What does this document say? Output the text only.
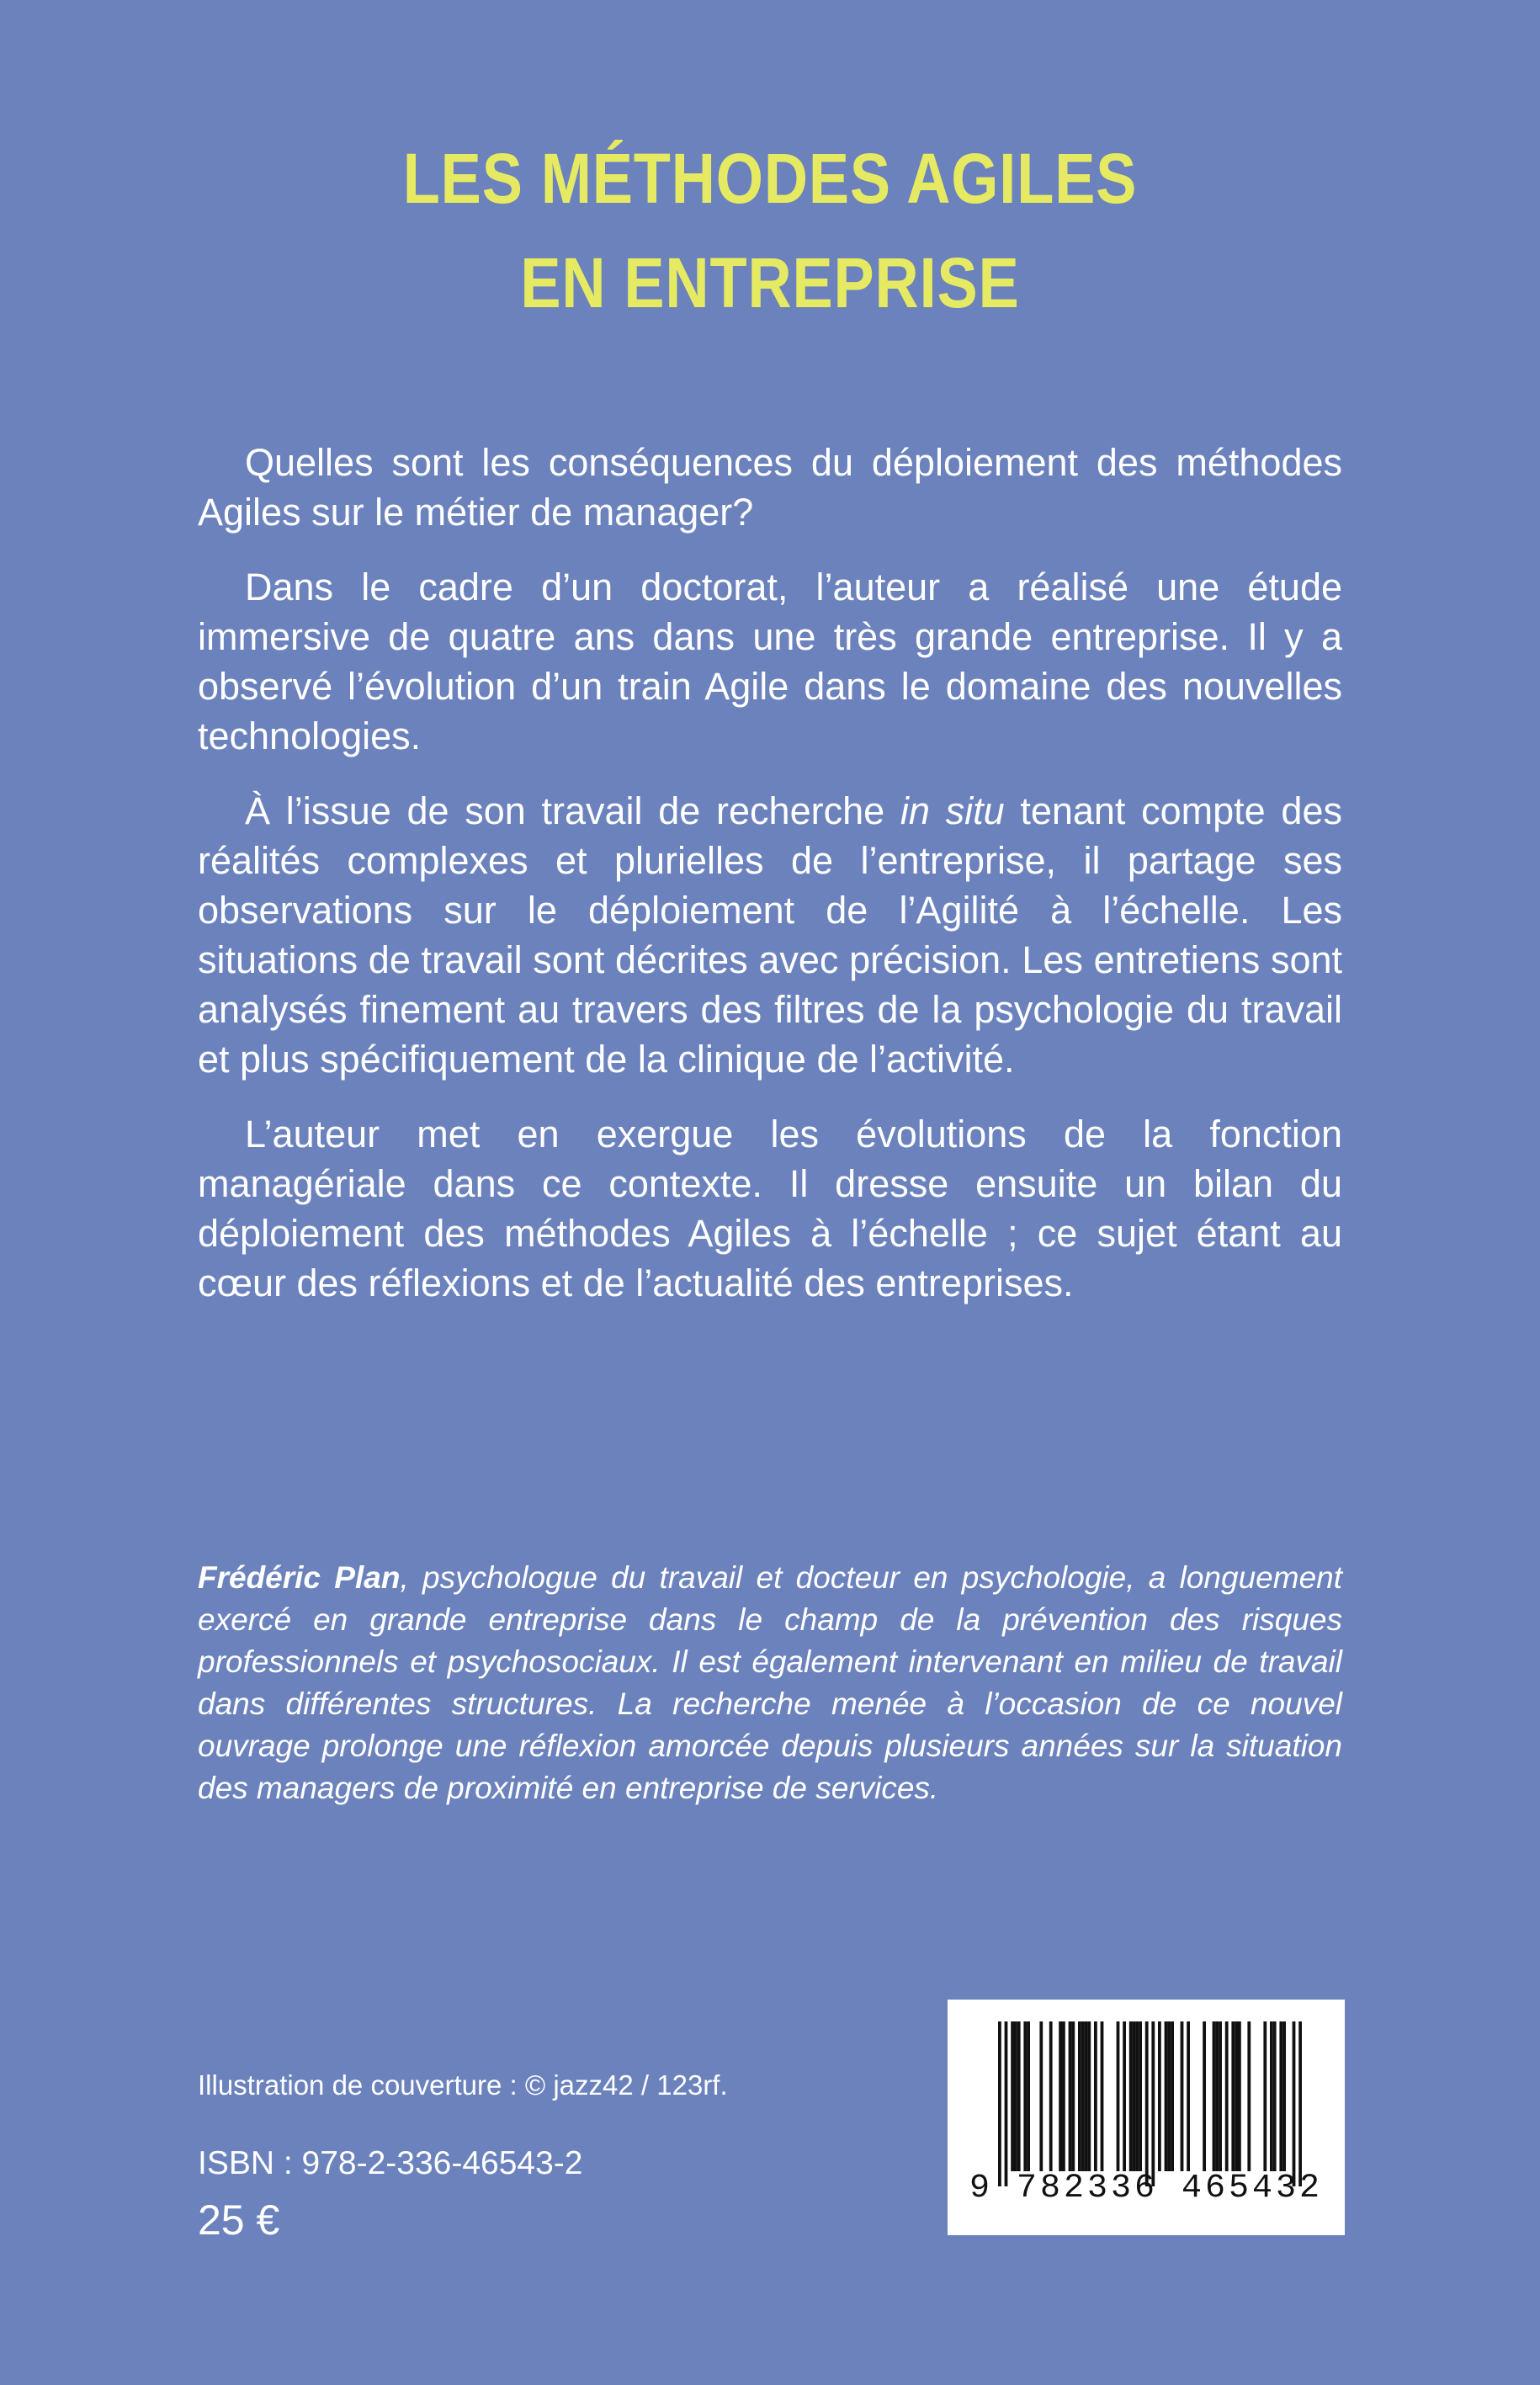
LES MÉTHODES AGILES
EN ENTREPRISE

Quelles sont les conséquences du déploiement des méthodes Agiles sur le métier de manager?

Dans le cadre d’un doctorat, l’auteur a réalisé une étude immersive de quatre ans dans une très grande entreprise. Il y a observé l’évolution d’un train Agile dans le domaine des nouvelles technologies.

À l’issue de son travail de recherche in situ tenant compte des réalités complexes et plurielles de l’entreprise, il partage ses observations sur le déploiement de l’Agilité à l’échelle. Les situations de travail sont décrites avec précision. Les entretiens sont analysés finement au travers des filtres de la psychologie du travail et plus spécifiquement de la clinique de l’activité.

L’auteur met en exergue les évolutions de la fonction managériale dans ce contexte. Il dresse ensuite un bilan du déploiement des méthodes Agiles à l’échelle ; ce sujet étant au cœur des réflexions et de l’actualité des entreprises.

Frédéric Plan, psychologue du travail et docteur en psychologie, a longuement exercé en grande entreprise dans le champ de la prévention des risques professionnels et psychosociaux. Il est également intervenant en milieu de travail dans différentes structures. La recherche menée à l’occasion de ce nouvel ouvrage prolonge une réflexion amorcée depuis plusieurs années sur la situation des managers de proximité en entreprise de services.

Illustration de couverture : © jazz42 / 123rf.
ISBN : 978-2-336-46543-2
25 €
9 782336 465432
